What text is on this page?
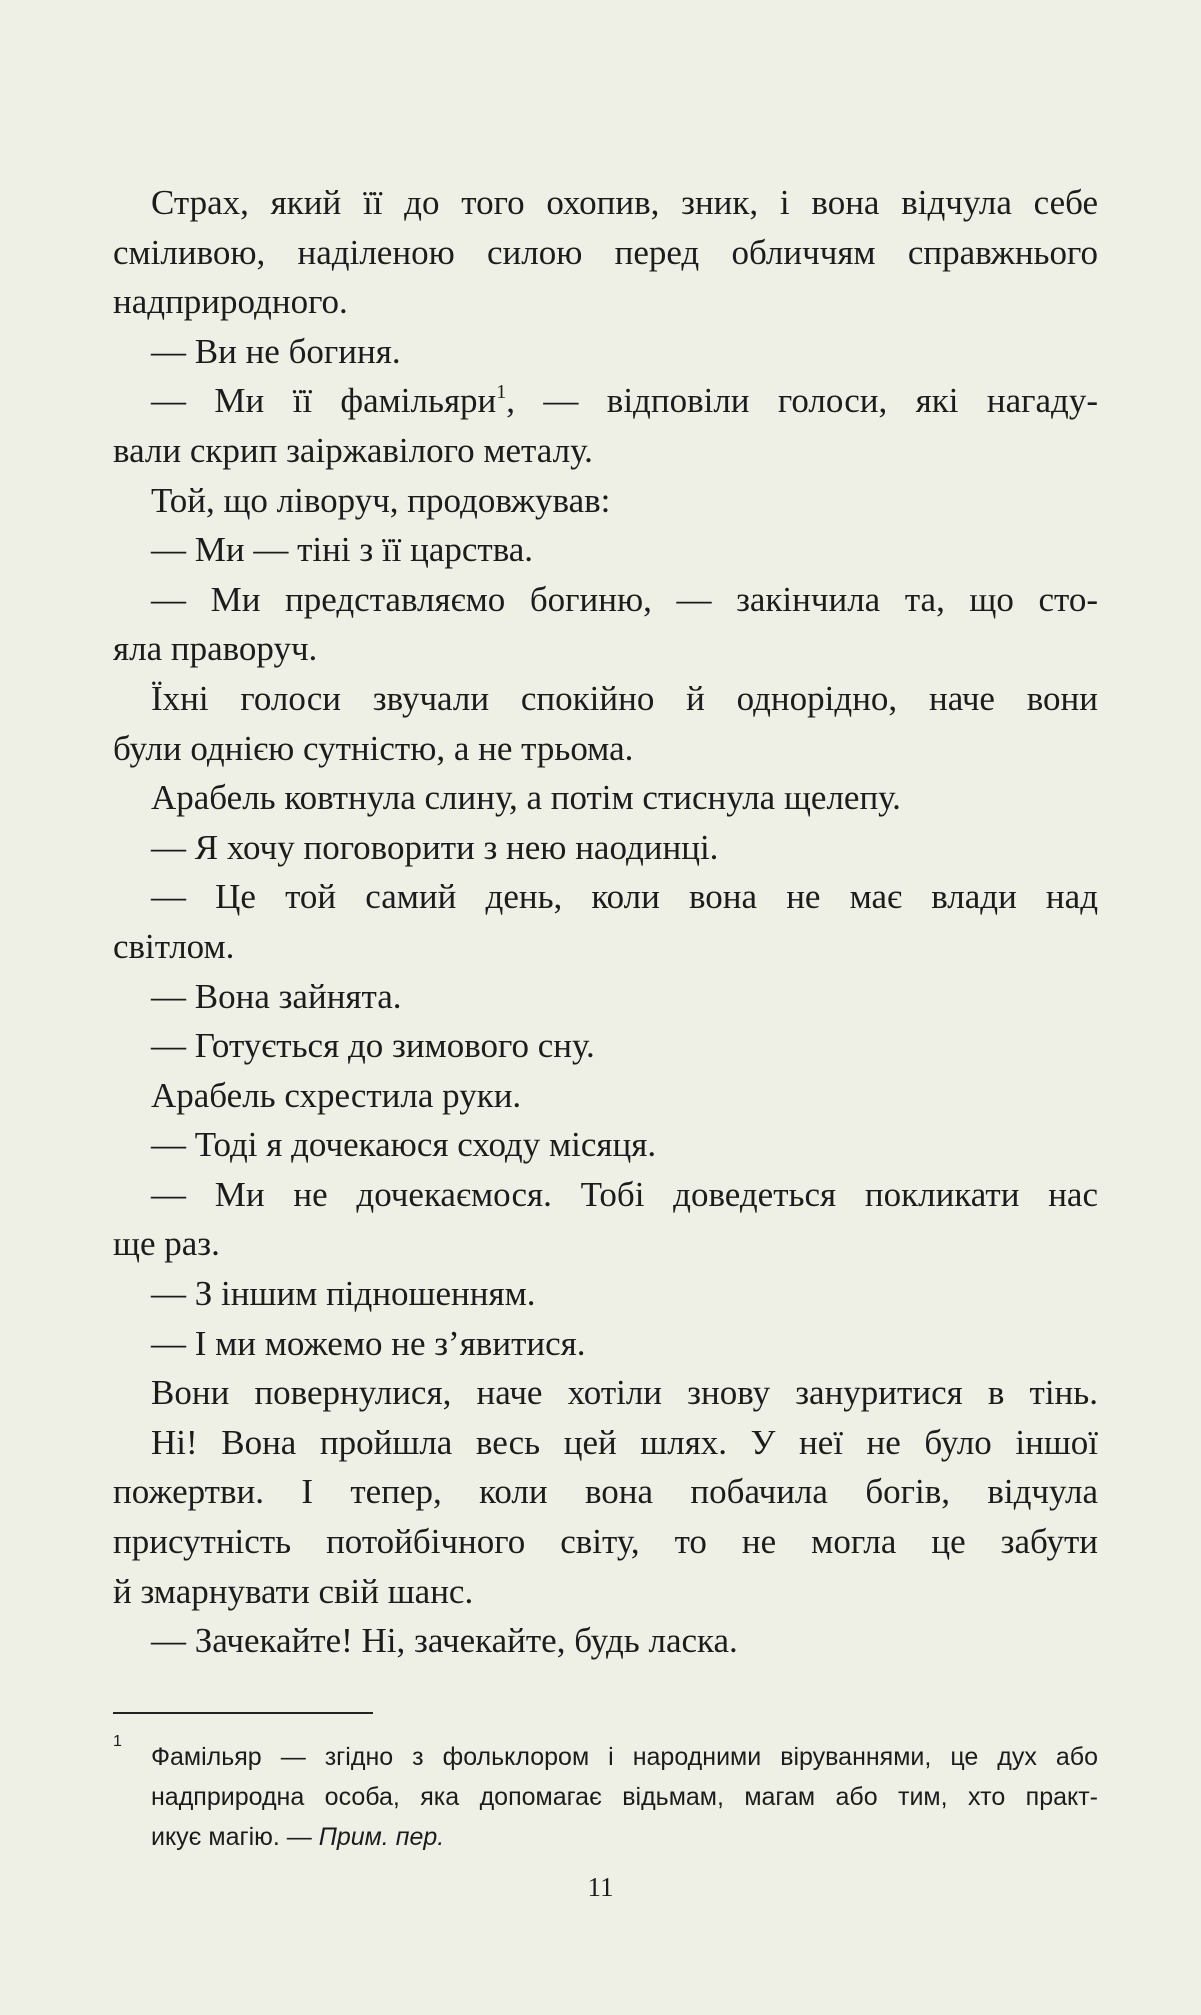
Страх, який її до того охопив, зник, і вона відчула себе
сміливою, наділеною силою перед обличчям справжнього
надприродного.
— Ви не богиня.
— Ми її фамільяри$^1$, — відповіли голоси, які нагаду-
вали скрип заіржавілого металу.
Той, що ліворуч, продовжував:
— Ми — тіні з її царства.
— Ми представляємо богиню, — закінчила та, що сто-
яла праворуч.
Їхні голоси звучали спокійно й однорідно, наче вони
були однією сутністю, а не трьома.
Арабель ковтнула слину, а потім стиснула щелепу.
— Я хочу поговорити з нею наодинці.
— Це той самий день, коли вона не має влади над
світлом.
— Вона зайнята.
— Готується до зимового сну.
Арабель схрестила руки.
— Тоді я дочекаюся сходу місяця.
— Ми не дочекаємося. Тобі доведеться покликати нас
ще раз.
— З іншим підношенням.
— І ми можемо не з’явитися.
Вони повернулися, наче хотіли знову зануритися в тінь.
Ні! Вона пройшла весь цей шлях. У неї не було іншої
пожертви. І тепер, коли вона побачила богів, відчула
присутність потойбічного світу, то не могла це забути
й змарнувати свій шанс.
— Зачекайте! Ні, зачекайте, будь ласка.
1
Фамільяр — згідно з фольклором і народними віруваннями, це дух або
надприродна особа, яка допомагає відьмам, магам або тим, хто практ-
икує магію. — Прим. пер.
11
